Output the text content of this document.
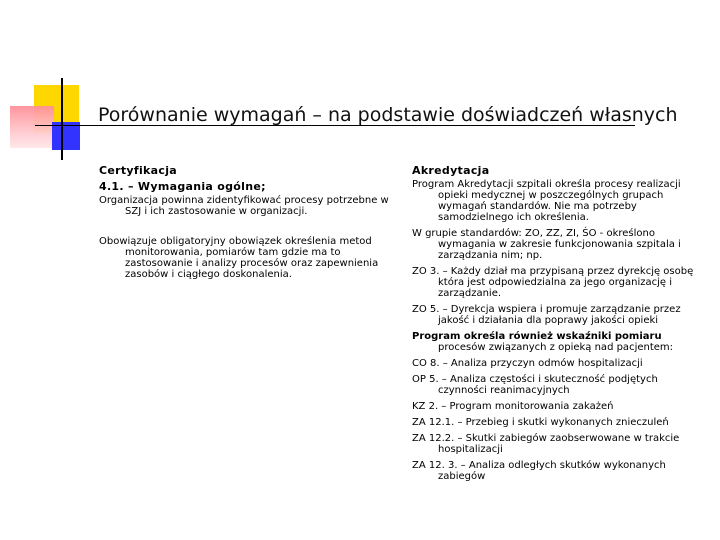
Porównanie wymagań – na podstawie doświadczeń własnych
Certyfikacja
4.1. – Wymagania ogólne;
Organizacja powinna zidentyfikować procesy potrzebne w SZJ i ich zastosowanie w organizacji.
Obowiązuje obligatoryjny obowiązek określenia metod monitorowania, pomiarów tam gdzie ma to zastosowanie i analizy procesów oraz zapewnienia zasobów i ciągłego doskonalenia.
Akredytacja
Program Akredytacji szpitali określa procesy realizacji opieki medycznej w poszczególnych grupach wymagań standardów. Nie ma potrzeby samodzielnego ich określenia.
W grupie standardów: ZO, ZZ, ZI, ŚO - określono wymagania w zakresie funkcjonowania szpitala i zarządzania nim; np.
ZO 3. – Każdy dział ma przypisaną przez dyrekcję osobę która jest odpowiedzialna za jego organizację i zarządzanie.
ZO 5. – Dyrekcja wspiera i promuje zarządzanie przez jakość i działania dla poprawy jakości opieki
Program określa również wskaźniki pomiaru procesów związanych z opieką nad pacjentem:
CO 8. – Analiza przyczyn odmów hospitalizacji
OP 5. – Analiza częstości i skuteczność podjętych czynności reanimacyjnych
KZ 2. – Program monitorowania zakażeń
ZA 12.1. – Przebieg i skutki wykonanych znieczuleń
ZA 12.2. – Skutki zabiegów zaobserwowane w trakcie hospitalizacji
ZA 12. 3. – Analiza odległych skutków wykonanych zabiegów
